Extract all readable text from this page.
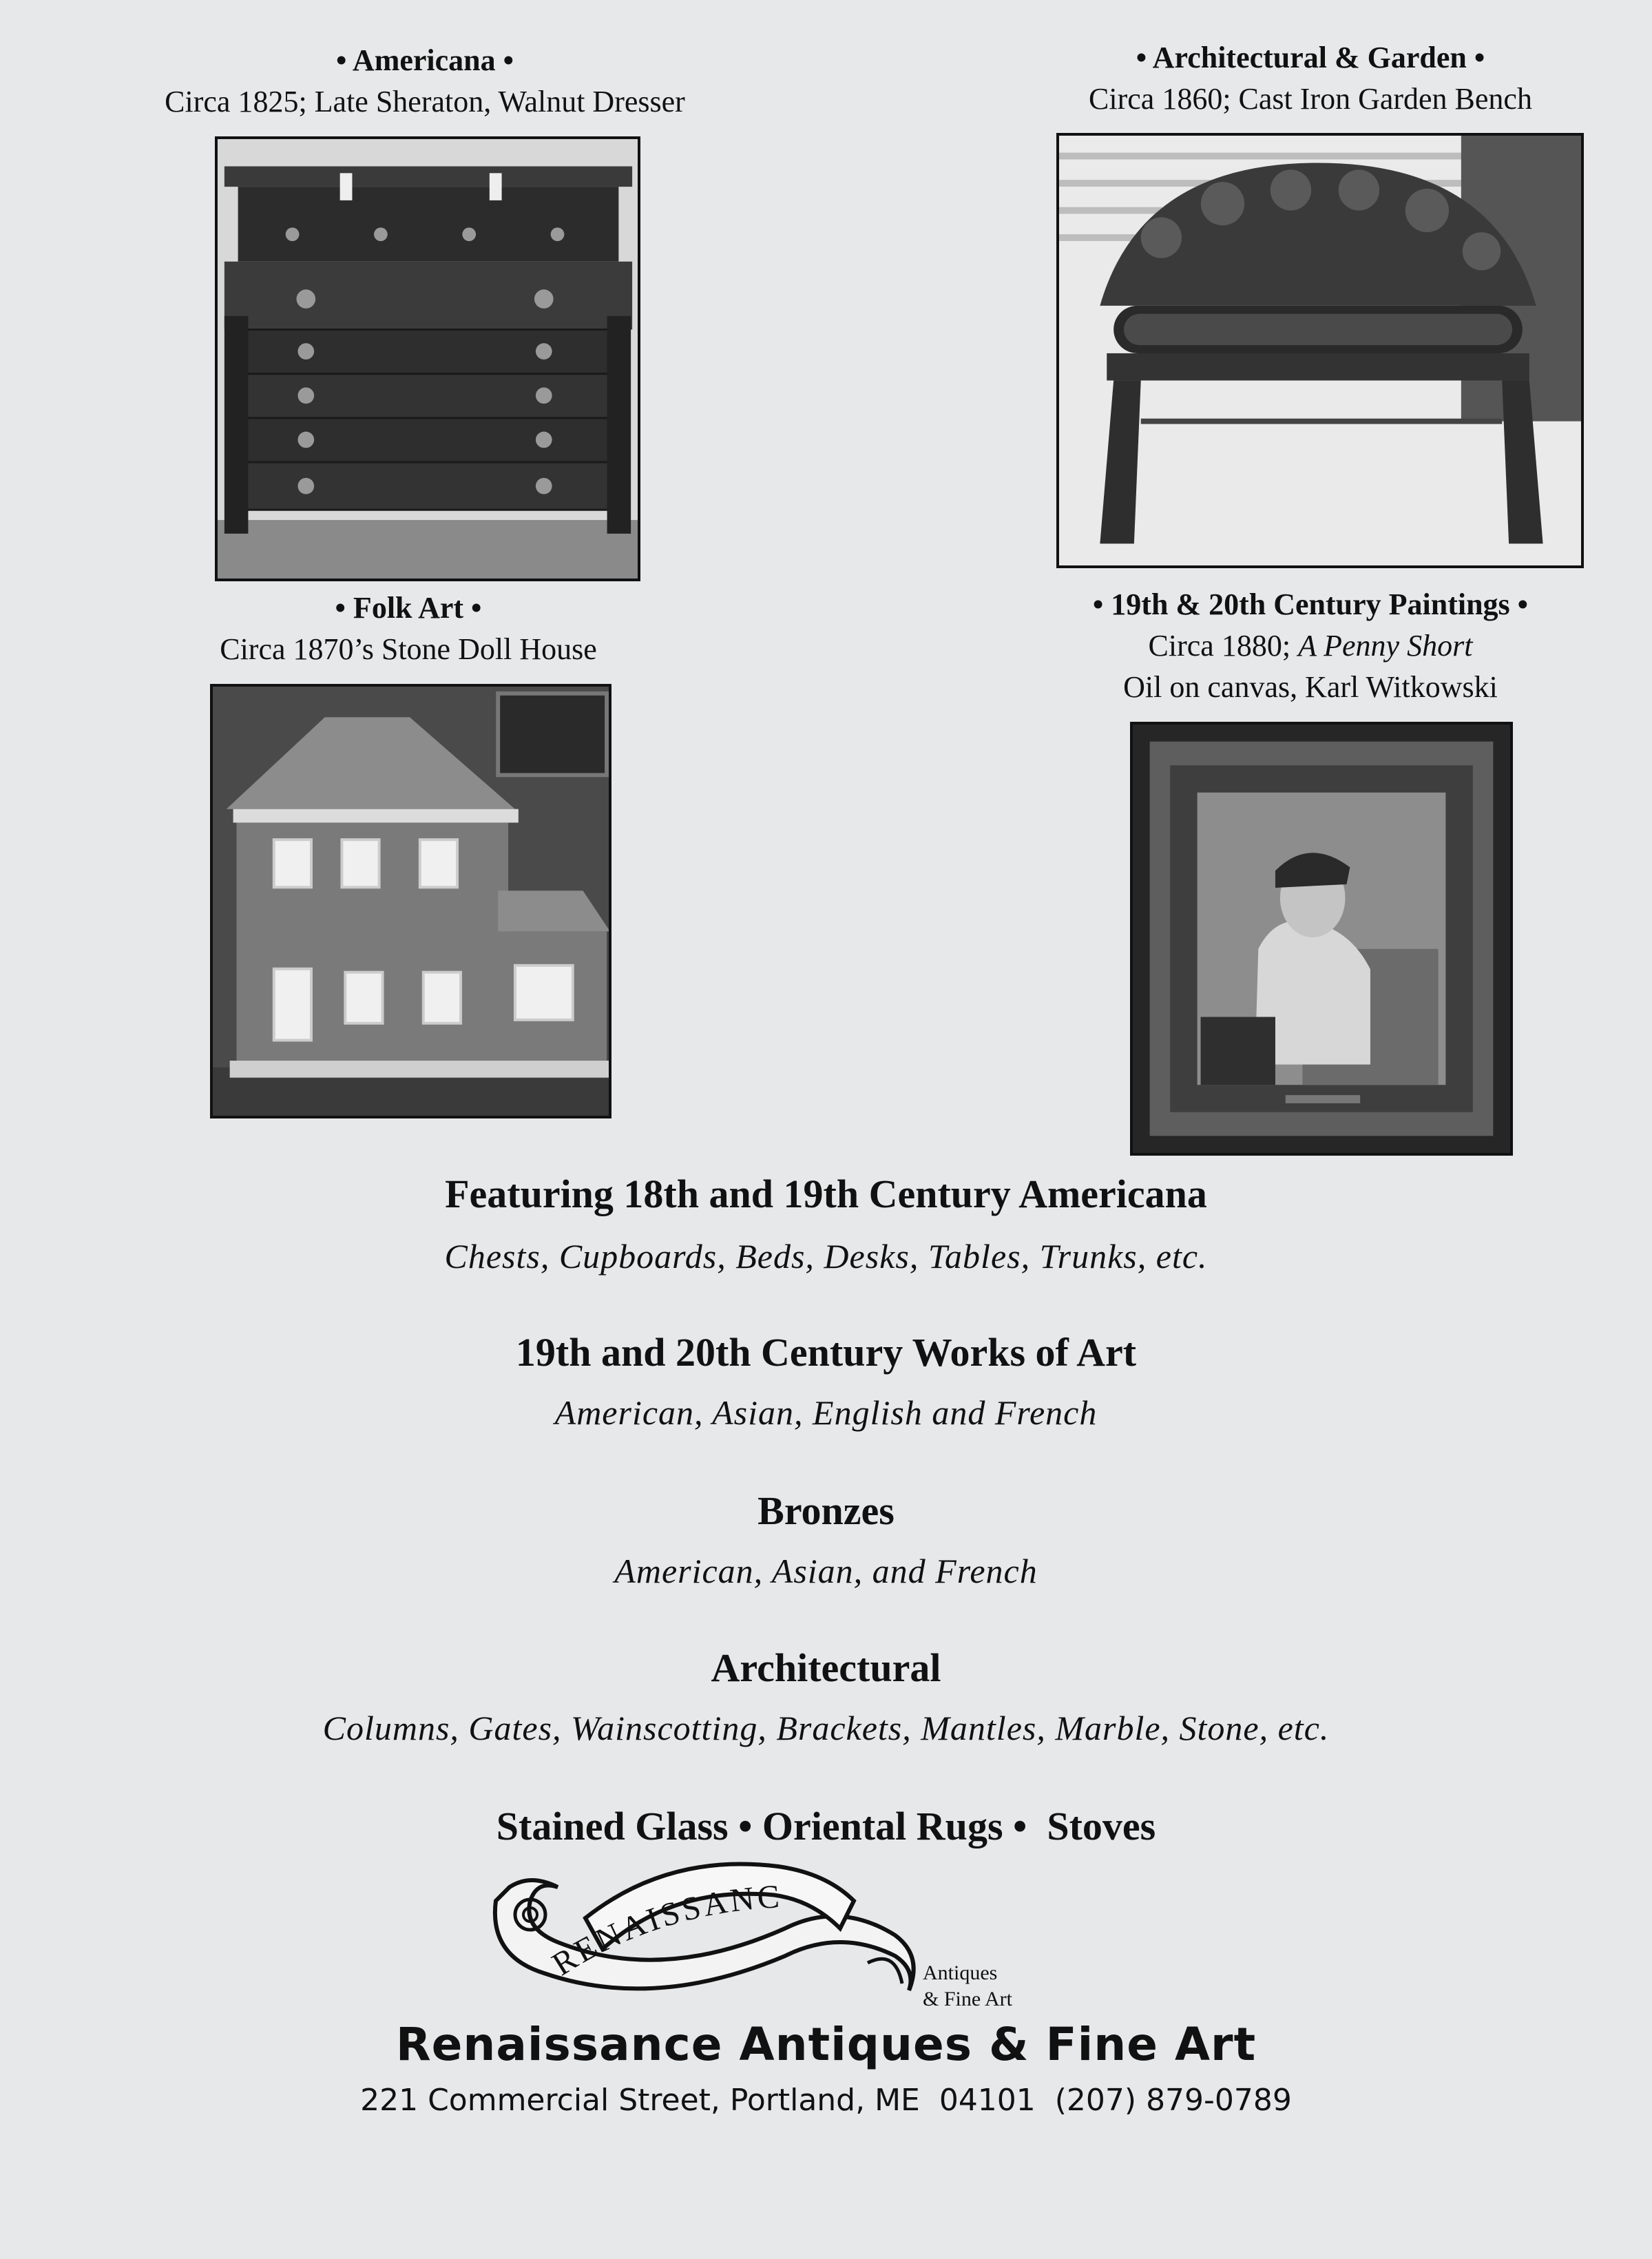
• Americana •
Circa 1825; Late Sheraton, Walnut Dresser
• Architectural & Garden •
Circa 1860; Cast Iron Garden Bench
• Folk Art •
Circa 1870’s Stone Doll House
• 19th & 20th Century Paintings •
Circa 1880; A Penny Short
Oil on canvas, Karl Witkowski
Featuring 18th and 19th Century Americana
Chests, Cupboards, Beds, Desks, Tables, Trunks, etc.
19th and 20th Century Works of Art
American, Asian, English and French
Bronzes
American, Asian, and French
Architectural
Columns, Gates, Wainscotting, Brackets, Mantles, Marble, Stone, etc.
Stained Glass • Oriental Rugs •  Stoves
RENAISSANC
Antiques
& Fine Art
Renaissance Antiques & Fine Art
221 Commercial Street, Portland, ME  04101  (207) 879-0789
